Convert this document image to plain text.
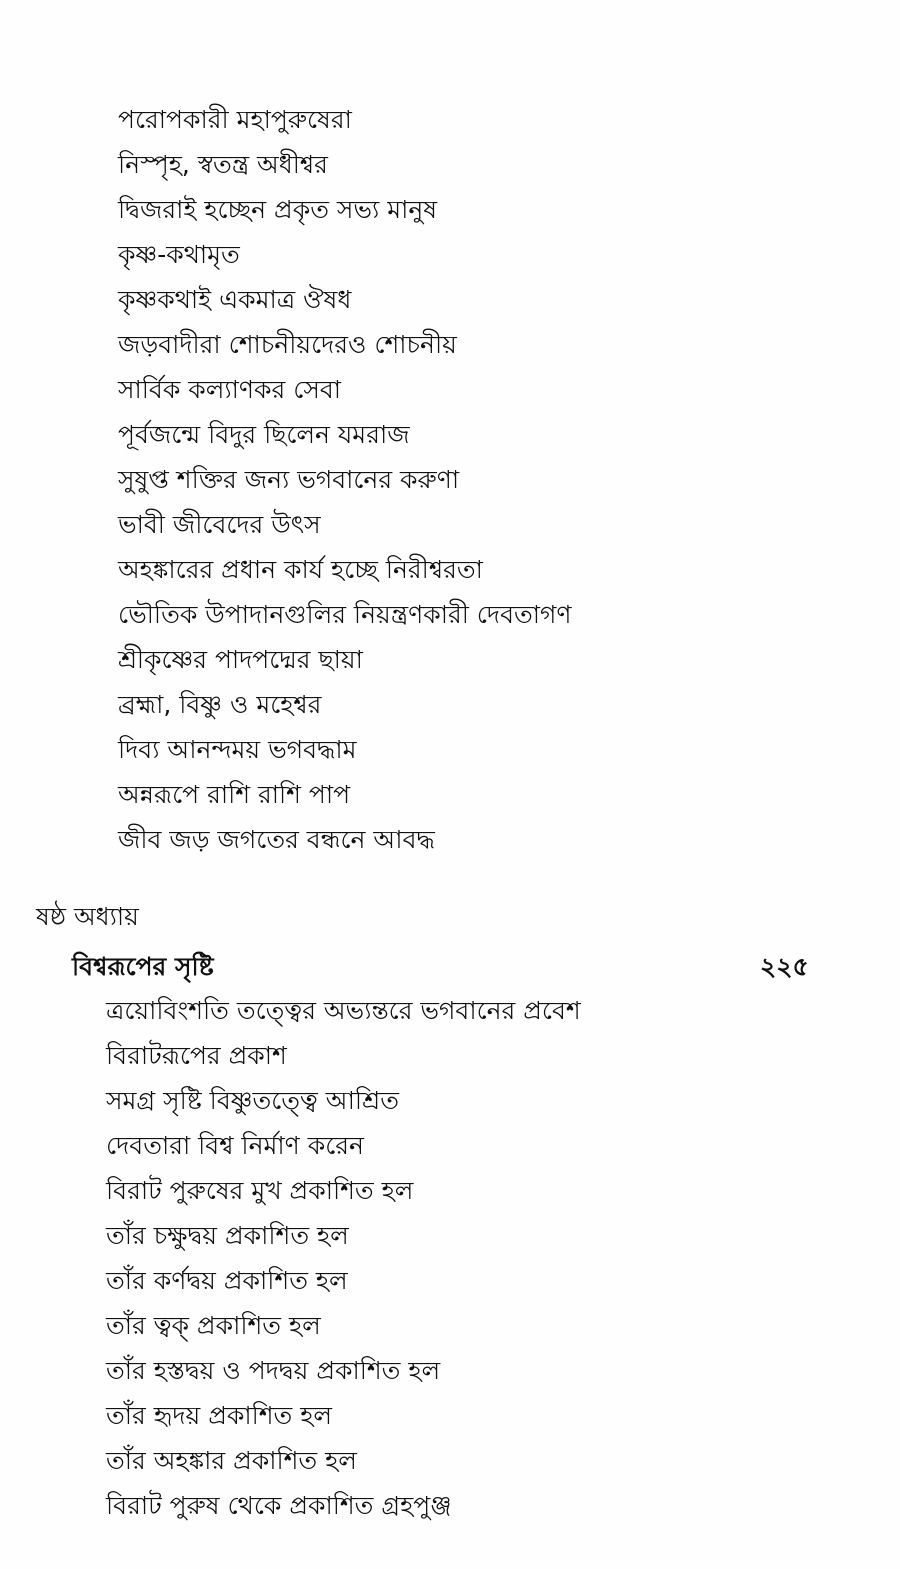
পরোপকারী মহাপুরুষেরা
নিস্পৃহ, স্বতন্ত্র অধীশ্বর
দ্বিজরাই হচ্ছেন প্রকৃত সভ্য মানুষ
কৃষ্ণ-কথামৃত
কৃষ্ণকথাই একমাত্র ঔষধ
জড়বাদীরা শোচনীয়দেরও শোচনীয়
সার্বিক কল্যাণকর সেবা
পূর্বজন্মে বিদুর ছিলেন যমরাজ
সুষুপ্ত শক্তির জন্য ভগবানের করুণা
ভাবী জীবেদের উৎস
অহঙ্কারের প্রধান কার্য হচ্ছে নিরীশ্বরতা
ভৌতিক উপাদানগুলির নিয়ন্ত্রণকারী দেবতাগণ
শ্রীকৃষ্ণের পাদপদ্মের ছায়া
ব্রহ্মা, বিষ্ণু ও মহেশ্বর
দিব্য আনন্দময় ভগবদ্ধাম
অন্নরূপে রাশি রাশি পাপ
জীব জড় জগতের বন্ধনে আবদ্ধ
ষষ্ঠ অধ্যায়
বিশ্বরূপের সৃষ্টি	২২৫
ত্রয়োবিংশতি তত্ত্বের অভ্যন্তরে ভগবানের প্রবেশ
বিরাটরূপের প্রকাশ
সমগ্র সৃষ্টি বিষ্ণুতত্ত্বে আশ্রিত
দেবতারা বিশ্ব নির্মাণ করেন
বিরাট পুরুষের মুখ প্রকাশিত হল
তাঁর চক্ষুদ্বয় প্রকাশিত হল
তাঁর কর্ণদ্বয় প্রকাশিত হল
তাঁর ত্বক্ প্রকাশিত হল
তাঁর হস্তদ্বয় ও পদদ্বয় প্রকাশিত হল
তাঁর হৃদয় প্রকাশিত হল
তাঁর অহঙ্কার প্রকাশিত হল
বিরাট পুরুষ থেকে প্রকাশিত গ্রহপুঞ্জ
